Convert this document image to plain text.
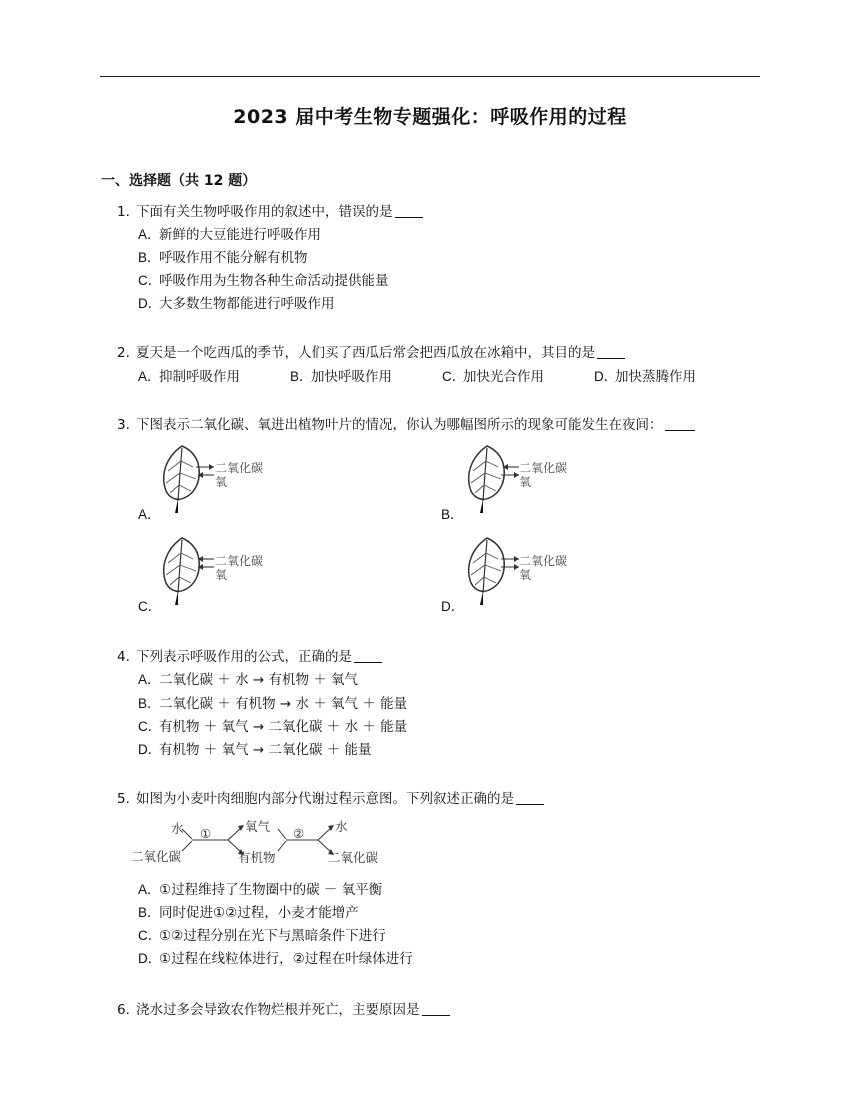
2023 届中考生物专题强化：呼吸作用的过程
一、选择题（共 12 题）
1. 下面有关生物呼吸作用的叙述中，错误的是
A．新鲜的大豆能进行呼吸作用
B．呼吸作用不能分解有机物
C．呼吸作用为生物各种生命活动提供能量
D．大多数生物都能进行呼吸作用
2. 夏天是一个吃西瓜的季节，人们买了西瓜后常会把西瓜放在冰箱中，其目的是
A．抑制呼吸作用	B．加快呼吸作用	C．加快光合作用	D．加快蒸腾作用
3. 下图表示二氧化碳、氧进出植物叶片的情况，你认为哪幅图所示的现象可能发生在夜间：
二氧化碳
氧
A．
二氧化碳
氧
B．
二氧化碳
氧
C．
二氧化碳
氧
D．
4. 下列表示呼吸作用的公式，正确的是
A．二氧化碳 ＋ 水 → 有机物 ＋ 氧气
B．二氧化碳 ＋ 有机物 → 水 ＋ 氧气 ＋ 能量
C．有机物 ＋ 氧气 → 二氧化碳 ＋ 水 ＋ 能量
D．有机物 ＋ 氧气 → 二氧化碳 ＋ 能量
5. 如图为小麦叶肉细胞内部分代谢过程示意图。下列叙述正确的是
水
二氧化碳
①	氧气
有机物
② 水
二氧化碳
A．①过程维持了生物圈中的碳 － 氧平衡
B．同时促进①②过程，小麦才能增产
C．①②过程分别在光下与黑暗条件下进行
D．①过程在线粒体进行，②过程在叶绿体进行
6. 浇水过多会导致农作物烂根并死亡，主要原因是
